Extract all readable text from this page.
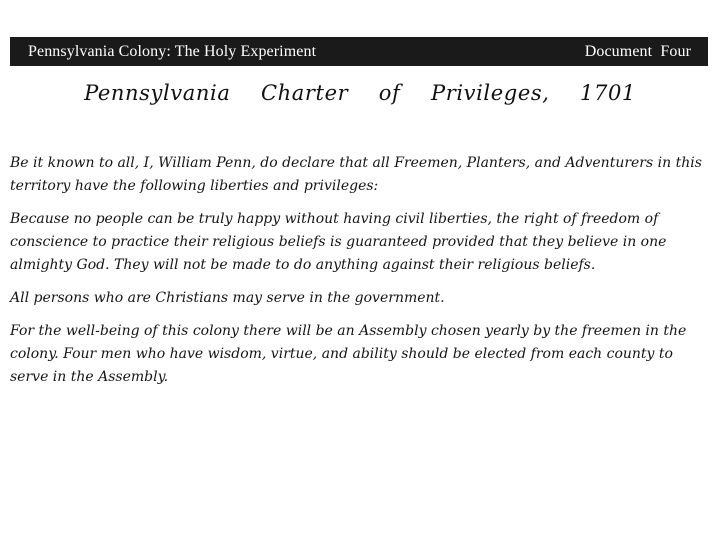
Pennsylvania Colony: The Holy Experiment	Document  Four
Pennsylvania  Charter  of  Privileges,  1701

Be it known to all, I, William Penn, do declare that all Freemen, Planters, and Adventurers in this territory have the following liberties and privileges:

Because no people can be truly happy without having civil liberties, the right of freedom of conscience to practice their religious beliefs is guaranteed provided that they believe in one almighty God. They will not be made to do anything against their religious beliefs.

All persons who are Christians may serve in the government.

For the well-being of this colony there will be an Assembly chosen yearly by the freemen in the colony. Four men who have wisdom, virtue, and ability should be elected from each county to serve in the Assembly.
